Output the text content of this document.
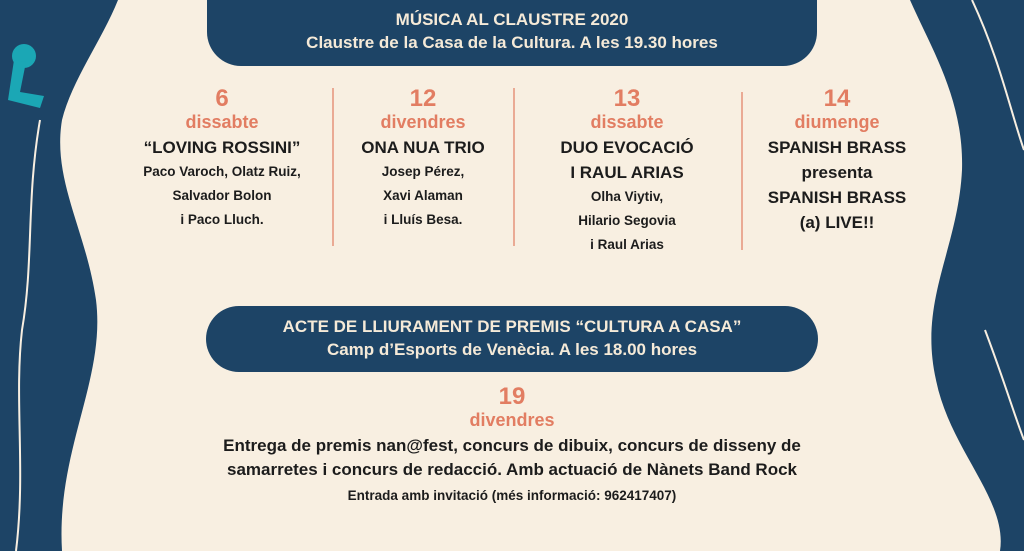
MÚSICA AL CLAUSTRE 2020
Claustre de la Casa de la Cultura. A les 19.30 hores
6
dissabte
“LOVING ROSSINI”
Paco Varoch, Olatz Ruiz,
Salvador Bolon
i Paco Lluch.
12
divendres
ONA NUA TRIO
Josep Pérez,
Xavi Alaman
i Lluís Besa.
13
dissabte
DUO EVOCACIÓ
I RAUL ARIAS
Olha Viytiv,
Hilario Segovia
i Raul Arias
14
diumenge
SPANISH BRASS
presenta
SPANISH BRASS
(a) LIVE!!
ACTE DE LLIURAMENT DE PREMIS “CULTURA A CASA”
Camp d’Esports de Venècia. A les 18.00 hores
19
divendres
Entrega de premis nan@fest, concurs de dibuix, concurs de disseny de
samarretes i concurs de redacció. Amb actuació de Nànets Band Rock
Entrada amb invitació (més informació: 962417407)
